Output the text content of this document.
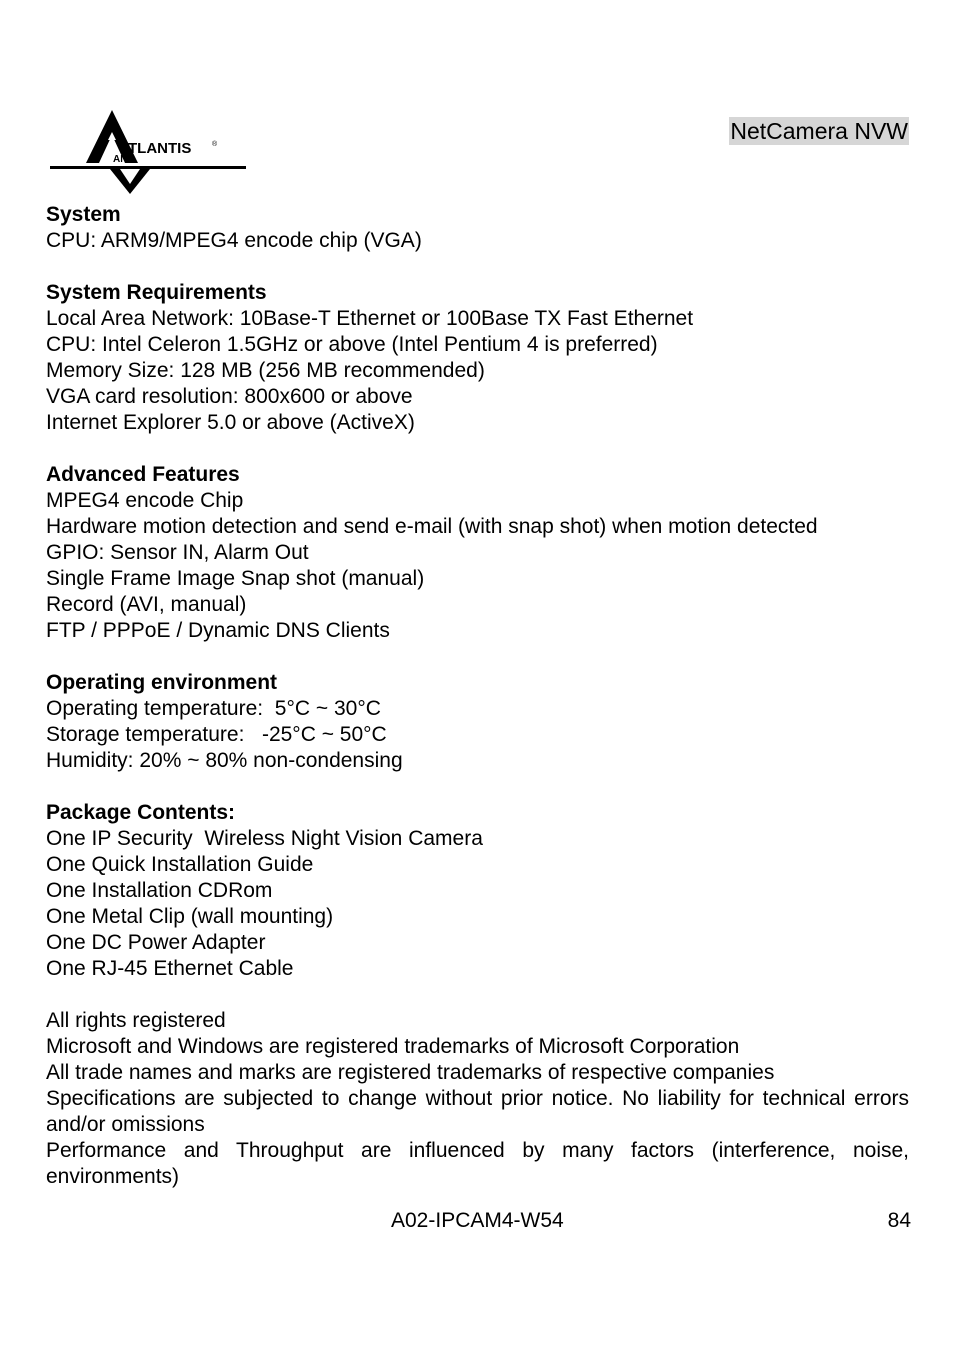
TLANTIS	®
AND
NetCamera NVW
System
CPU: ARM9/MPEG4 encode chip (VGA)
System Requirements
Local Area Network: 10Base-T Ethernet or 100Base TX Fast Ethernet
CPU: Intel Celeron 1.5GHz or above (Intel Pentium 4 is preferred)
Memory Size: 128 MB (256 MB recommended)
VGA card resolution: 800x600 or above
Internet Explorer 5.0 or above (ActiveX)
Advanced Features
MPEG4 encode Chip
Hardware motion detection and send e-mail (with snap shot) when motion detected
GPIO: Sensor IN, Alarm Out
Single Frame Image Snap shot (manual)
Record (AVI, manual)
FTP / PPPoE / Dynamic DNS Clients
Operating environment
Operating temperature:  5°C ~ 30°C
Storage temperature:   -25°C ~ 50°C
Humidity: 20% ~ 80% non-condensing
Package Contents:
One IP Security  Wireless Night Vision Camera
One Quick Installation Guide
One Installation CDRom
One Metal Clip (wall mounting)
One DC Power Adapter
One RJ-45 Ethernet Cable
All rights registered
Microsoft and Windows are registered trademarks of Microsoft Corporation
All trade names and marks are registered trademarks of respective companies
Specifications are subjected to change without prior notice. No liability for technical errors and/or omissions
Performance and Throughput are influenced by many factors (interference, noise, environments)
A02-IPCAM4-W54	84
